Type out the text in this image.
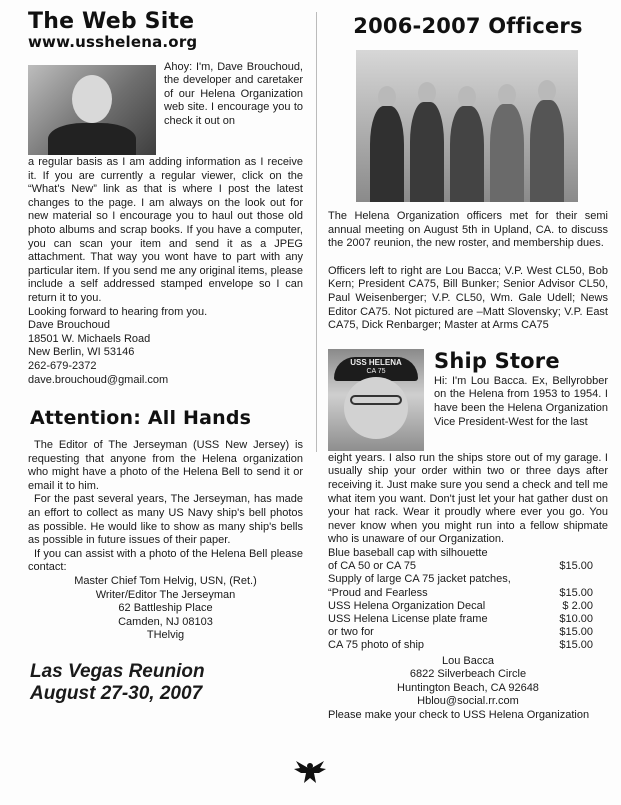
The Web Site
www.usshelena.org

Ahoy: I'm, Dave Brouchoud, the developer and caretaker of our Helena Organization web site. I encourage you to check it out on

a regular basis as I am adding information as I receive it. If you are currently a regular viewer, click on the “What's New” link as that is where I post the latest changes to the page. I am always on the look out for new material so I encourage you to haul out those old photo albums and scrap books. If you have a computer, you can scan your item and send it as a JPEG attachment. That way you wont have to part with any particular item. If you send me any original items, please include a self addressed stamped envelope so I can return it to you.

Looking forward to hearing from you.

Dave Brouchoud

18501 W. Michaels Road

New Berlin, WI 53146

262-679-2372

dave.brouchoud@gmail.com

Attention: All Hands

The Editor of The Jerseyman (USS New Jersey) is requesting that anyone from the Helena organization who might have a photo of the Helena Bell to send it or email it to him.

For the past several years, The Jerseyman, has made an effort to collect as many US Navy ship's bell photos as possible. He would like to show as many ship's bells as possible in future issues of their paper.

If you can assist with a photo of the Helena Bell please contact:

Master Chief Tom Helvig, USN, (Ret.)

Writer/Editor The Jerseyman

62 Battleship Place

Camden, NJ 08103

THelvig

Las Vegas Reunion
August 27-30, 2007
2006-2007 Officers

The Helena Organization officers met for their semi annual meeting on August 5th in Upland, CA. to discuss the 2007 reunion, the new roster, and membership dues.

Officers left to right are Lou Bacca; V.P. West CL50, Bob Kern; President CA75, Bill Bunker; Senior Advisor CL50, Paul Weisenberger; V.P. CL50, Wm. Gale Udell; News Editor CA75. Not pictured are –Matt Slovensky; V.P. East CA75, Dick Renbarger; Master at Arms CA75

USS HELENA
CA 75	Ship Store

Hi: I'm Lou Bacca. Ex, Bellyrobber on the Helena from 1953 to 1954. I have been the Helena Organization Vice President-West for the last

eight years. I also run the ships store out of my garage. I usually ship your order within two or three days after receiving it. Just make sure you send a check and tell me what item you want. Don't just let your hat gather dust on your hat rack. Wear it proudly where ever you go. You never know when you might run into a fellow shipmate who is unaware of our Organization.

Blue baseball cap with silhouette
of CA 50 or CA 75	$15.00
Supply of large CA 75 jacket patches,
“Proud and Fearless	$15.00
USS Helena Organization Decal	$ 2.00
USS Helena License plate frame	$10.00
or two for	$15.00
CA 75 photo of ship	$15.00

Lou Bacca

6822 Silverbeach Circle

Huntington Beach, CA 92648

Hblou@social.rr.com

Please make your check to USS Helena Organization
